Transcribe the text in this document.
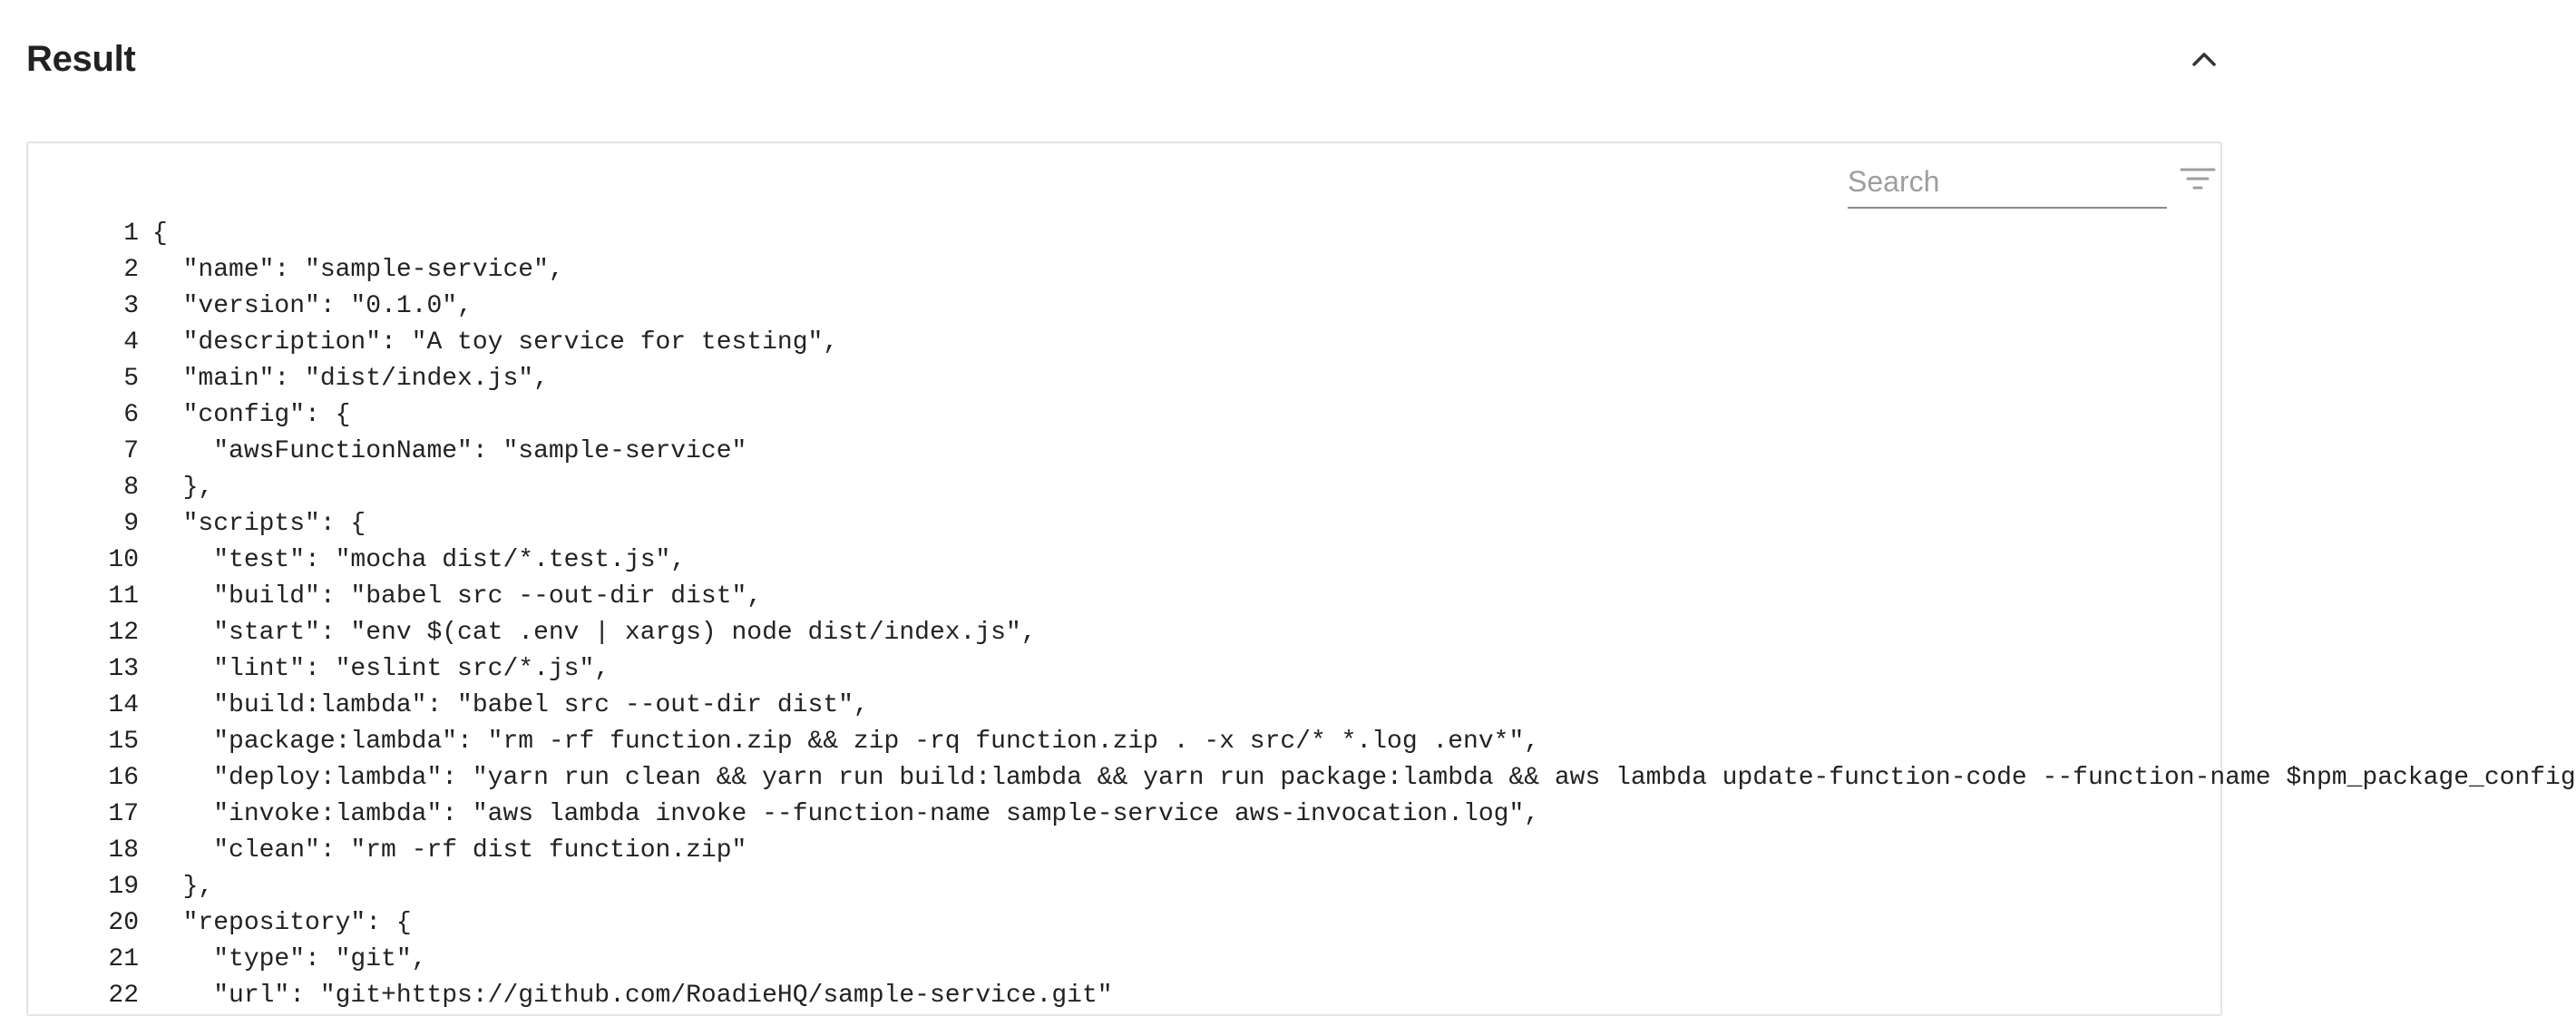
Result
Search
1 {
2 "name": "sample-service",
3 "version": "0.1.0",
4 "description": "A toy service for testing",
5 "main": "dist/index.js",
6 "config": {
7 "awsFunctionName": "sample-service"
8 },
9 "scripts": {
10 "test": "mocha dist/*.test.js",
11 "build": "babel src --out-dir dist",
12 "start": "env $(cat .env | xargs) node dist/index.js",
13 "lint": "eslint src/*.js",
14 "build:lambda": "babel src --out-dir dist",
15 "package:lambda": "rm -rf function.zip && zip -rq function.zip . -x src/* *.log .env*",
16 "deploy:lambda": "yarn run clean && yarn run build:lambda && yarn run package:lambda && aws lambda update-function-code --function-name $npm_package_config
17 "invoke:lambda": "aws lambda invoke --function-name sample-service aws-invocation.log",
18 "clean": "rm -rf dist function.zip"
19 },
20 "repository": {
21 "type": "git",
22 "url": "git+https://github.com/RoadieHQ/sample-service.git"
